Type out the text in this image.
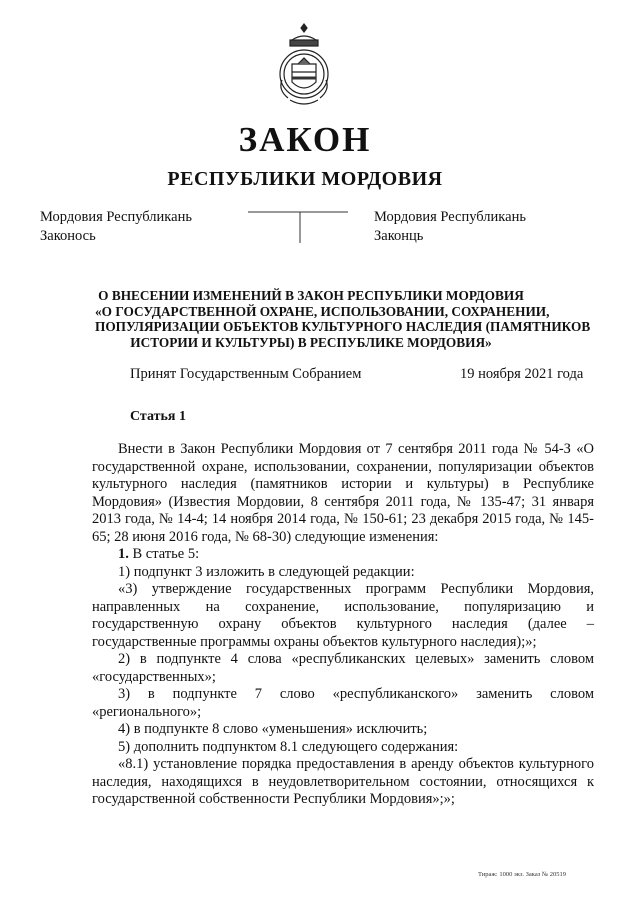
ЗАКОН
РЕСПУБЛИКИ МОРДОВИЯ
Мордовия Республикань
Законось
Мордовия Республикань
Законць
О ВНЕСЕНИИ ИЗМЕНЕНИЙ В ЗАКОН РЕСПУБЛИКИ МОРДОВИЯ
«О ГОСУДАРСТВЕННОЙ ОХРАНЕ, ИСПОЛЬЗОВАНИИ, СОХРАНЕНИИ,
ПОПУЛЯРИЗАЦИИ ОБЪЕКТОВ КУЛЬТУРНОГО НАСЛЕДИЯ (ПАМЯТНИКОВ
ИСТОРИИ И КУЛЬТУРЫ) В РЕСПУБЛИКЕ МОРДОВИЯ»
Принят Государственным Собранием	19 ноября 2021 года
Статья 1

Внести в Закон Республики Мордовия от 7 сентября 2011 года № 54-З «О государственной охране, использовании, сохранении, популяризации объектов культурного наследия (памятников истории и культуры) в Республике Мордовия» (Известия Мордовии, 8 сентября 2011 года, № 135-47; 31 января 2013 года, № 14-4; 14 ноября 2014 года, № 150-61; 23 декабря 2015 года, № 145-65; 28 июня 2016 года, № 68-30) следующие изменения:

1. В статье 5:

1) подпункт 3 изложить в следующей редакции:

«3) утверждение государственных программ Республики Мордовия, направленных на сохранение, использование, популяризацию и государственную охрану объектов культурного наследия (далее – государственные программы охраны объектов культурного наследия);»;

2) в подпункте 4 слова «республиканских целевых» заменить словом «государственных»;

3) в подпункте 7 слово «республиканского» заменить словом «регионального»;

4) в подпункте 8 слово «уменьшения» исключить;

5) дополнить подпунктом 8.1 следующего содержания:

«8.1) установление порядка предоставления в аренду объектов культурного наследия, находящихся в неудовлетворительном состоянии, относящихся к государственной собственности Республики Мордовия»;»;

Тираж: 1000 экз. Заказ № 20519
